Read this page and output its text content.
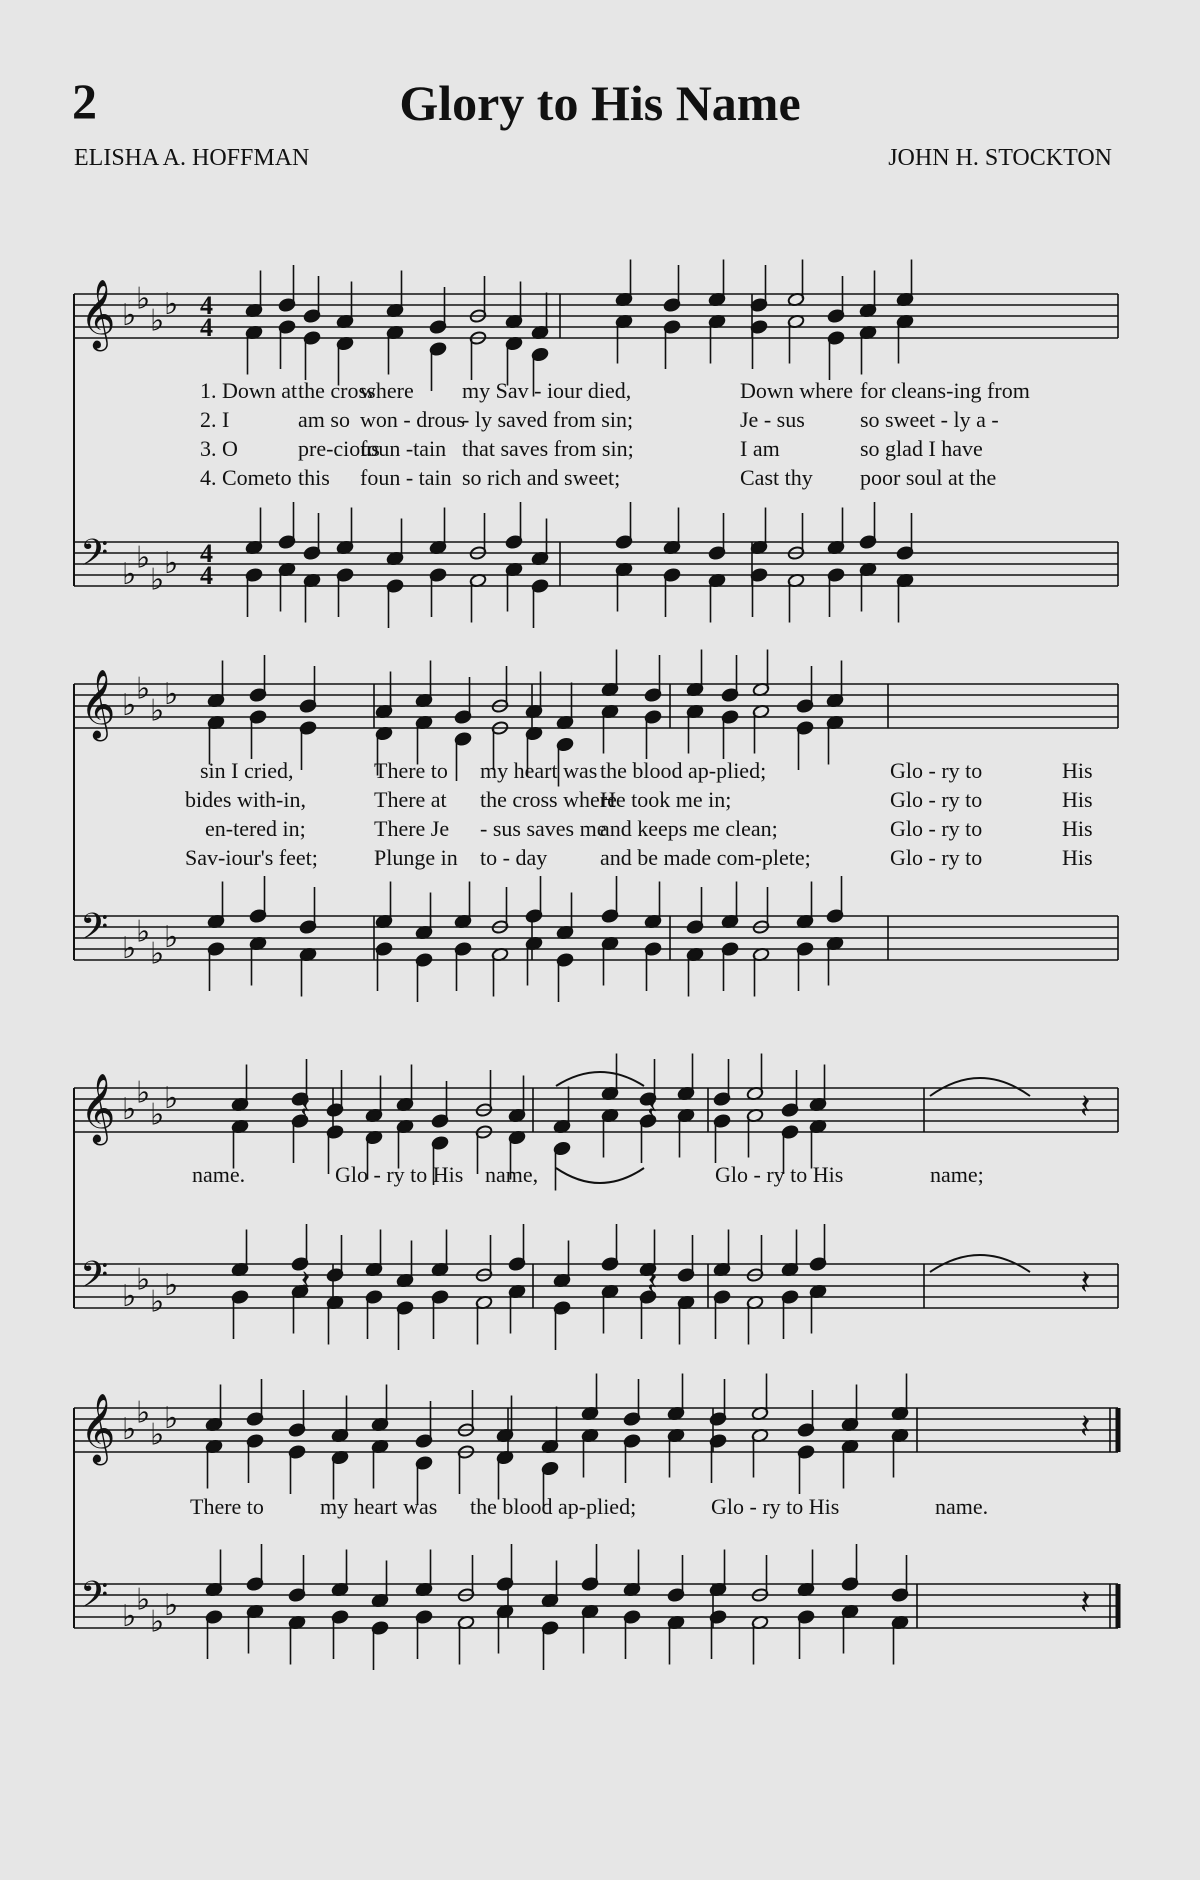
2	Glory to His Name
ELISHA A. HOFFMAN	JOHN H. STOCKTON
𝄞 ♭ ♭
♭ ♭
𝄢 ♭ ♭
♭ ♭
4
4
4
4
1. Down at the cross
where my Sav - iour died,	Down where for cleans-ing from
2. I	am so won - drous
- ly saved from sin;	Je - sus	so sweet - ly a -
3. O	pre-cious
foun -tain that saves from sin;	I am	so glad I have
4. Cometo this foun - tain so rich and sweet;	Cast thy poor soul at the
𝄞 ♭ ♭
♭ ♭
𝄢 ♭ ♭
♭ ♭
sin I cried,	There to my heart was the blood ap-plied;	Glo - ry to	His
bides with-in,	There at the cross where
He took me in;	Glo - ry to	His
en-tered in;	There Je - sus saves me
and keeps me clean;	Glo - ry to	His
Sav-iour's feet;	Plunge in to - day and be made com-plete;	Glo - ry to	His
𝄞 ♭ ♭
♭ ♭
𝄢 ♭ ♭
♭ ♭
𝄽
𝄽
𝄽
𝄽
𝄽
𝄽
name.	Glo - ry to His name,	Glo - ry to His	name;
𝄞 ♭ ♭
♭ ♭
𝄢 ♭ ♭
♭ ♭
𝄽
𝄽
There to	my heart was the blood ap-plied;	Glo - ry to His	name.
